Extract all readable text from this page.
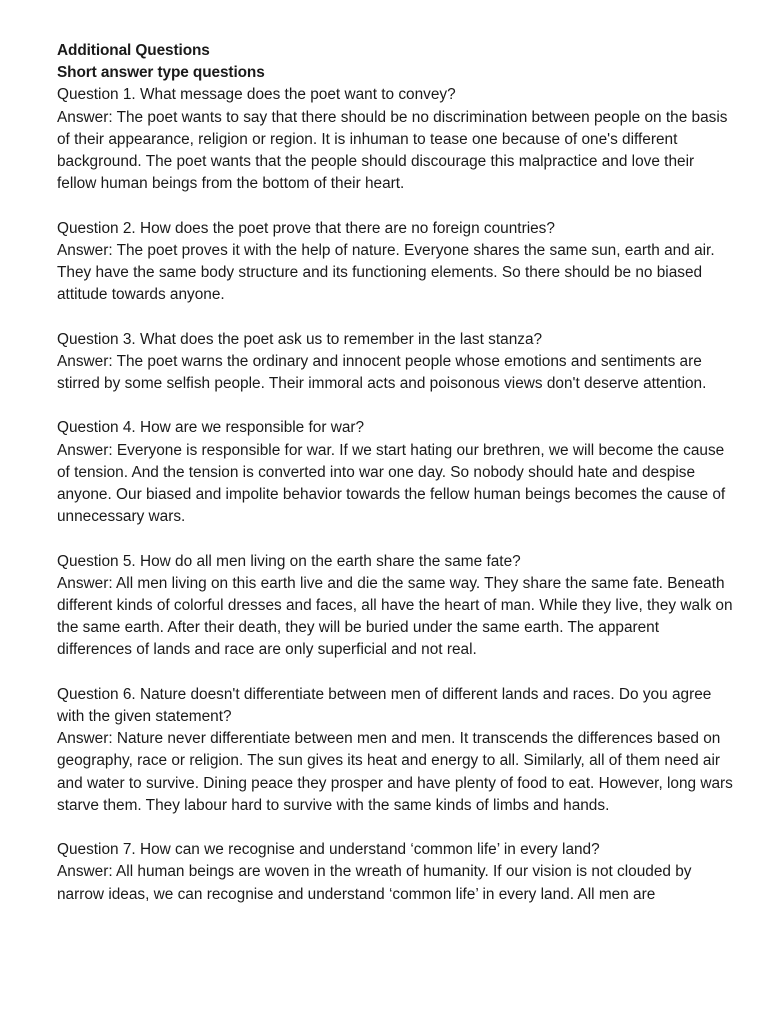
Additional Questions
Short answer type questions
Question 1. What message does the poet want to convey?
Answer: The poet wants to say that there should be no discrimination between people on the basis of their appearance, religion or region. It is inhuman to tease one because of one's different background. The poet wants that the people should discourage this malpractice and love their fellow human beings from the bottom of their heart.
Question 2. How does the poet prove that there are no foreign countries?
Answer: The poet proves it with the help of nature. Everyone shares the same sun, earth and air. They have the same body structure and its functioning elements. So there should be no biased attitude towards anyone.
Question 3. What does the poet ask us to remember in the last stanza?
Answer: The poet warns the ordinary and innocent people whose emotions and sentiments are stirred by some selfish people. Their immoral acts and poisonous views don't deserve attention.
Question 4. How are we responsible for war?
Answer: Everyone is responsible for war. If we start hating our brethren, we will become the cause of tension. And the tension is converted into war one day. So nobody should hate and despise anyone. Our biased and impolite behavior towards the fellow human beings becomes the cause of unnecessary wars.
Question 5. How do all men living on the earth share the same fate?
Answer: All men living on this earth live and die the same way. They share the same fate. Beneath different kinds of colorful dresses and faces, all have the heart of man. While they live, they walk on the same earth. After their death, they will be buried under the same earth. The apparent differences of lands and race are only superficial and not real.
Question 6. Nature doesn't differentiate between men of different lands and races. Do you agree with the given statement?
Answer: Nature never differentiate between men and men. It transcends the differences based on geography, race or religion. The sun gives its heat and energy to all. Similarly, all of them need air and water to survive. Dining peace they prosper and have plenty of food to eat. However, long wars starve them. They labour hard to survive with the same kinds of limbs and hands.
Question 7. How can we recognise and understand ‘common life’ in every land?
Answer: All human beings are woven in the wreath of humanity. If our vision is not clouded by narrow ideas, we can recognise and understand ‘common life’ in every land. All men are
